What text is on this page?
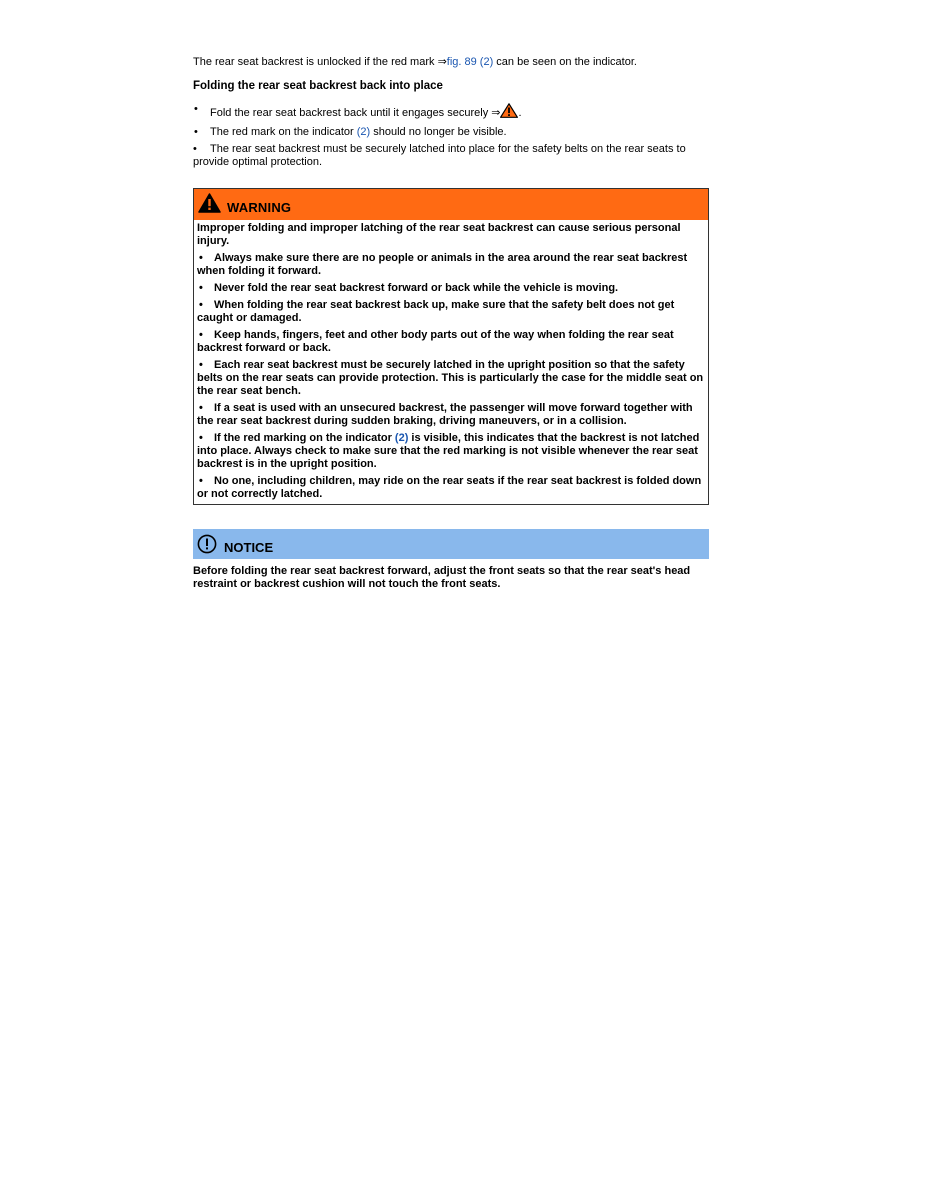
The rear seat backrest is unlocked if the red mark ⇒fig. 89 (2) can be seen on the indicator.

Folding the rear seat backrest back into place
• Fold the rear seat backrest back until it engages securely ⇒ .
• The red mark on the indicator (2) should no longer be visible.
• The rear seat backrest must be securely latched into place for the safety belts on the rear seats to provide optimal protection.
WARNING

Improper folding and improper latching of the rear seat backrest can cause serious personal injury.

• Always make sure there are no people or animals in the area around the rear seat backrest when folding it forward.
• Never fold the rear seat backrest forward or back while the vehicle is moving.
• When folding the rear seat backrest back up, make sure that the safety belt does not get caught or damaged.
• Keep hands, fingers, feet and other body parts out of the way when folding the rear seat backrest forward or back.
• Each rear seat backrest must be securely latched in the upright position so that the safety belts on the rear seats can provide protection. This is particularly the case for the middle seat on the rear seat bench.
• If a seat is used with an unsecured backrest, the passenger will move forward together with the rear seat backrest during sudden braking, driving maneuvers, or in a collision.
• If the red marking on the indicator (2) is visible, this indicates that the backrest is not latched into place. Always check to make sure that the red marking is not visible whenever the rear seat backrest is in the upright position.
• No one, including children, may ride on the rear seats if the rear seat backrest is folded down or not correctly latched.
NOTICE

Before folding the rear seat backrest forward, adjust the front seats so that the rear seat's head restraint or backrest cushion will not touch the front seats.
